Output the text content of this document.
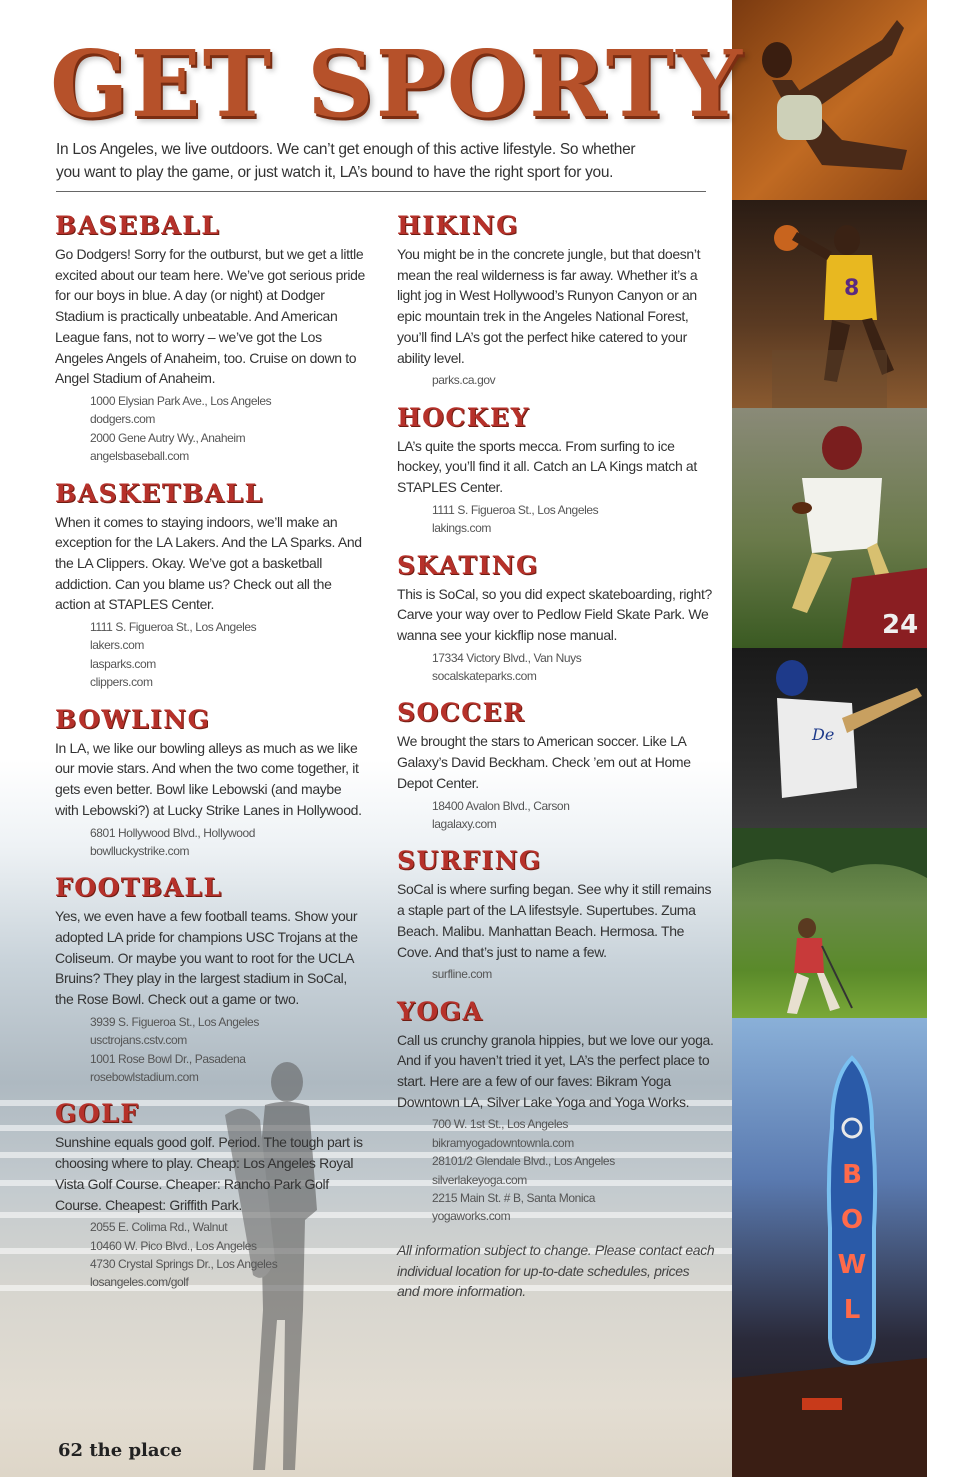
8
24
De
B
O
W
L
GET SPORTY

In Los Angeles, we live outdoors. We can’t get enough of this active lifestyle. So whether you want to play the game, or just watch it, LA’s bound to have the right sport for you.

BASEBALL

Go Dodgers! Sorry for the outburst, but we get a little excited about our team here. We’ve got serious pride for our boys in blue. A day (or night) at Dodger Stadium is practically unbeatable. And American League fans, not to worry – we’ve got the Los Angeles Angels of Anaheim, too. Cruise on down to Angel Stadium of Anaheim.

1000 Elysian Park Ave., Los Angeles
dodgers.com
2000 Gene Autry Wy., Anaheim
angelsbaseball.com
BASKETBALL

When it comes to staying indoors, we’ll make an exception for the LA Lakers. And the LA Sparks. And the LA Clippers. Okay. We’ve got a basketball addiction. Can you blame us? Check out all the action at STAPLES Center.

1111 S. Figueroa St., Los Angeles
lakers.com
lasparks.com
clippers.com
BOWLING

In LA, we like our bowling alleys as much as we like our movie stars. And when the two come together, it gets even better. Bowl like Lebowski (and maybe with Lebowski?) at Lucky Strike Lanes in Hollywood.

6801 Hollywood Blvd., Hollywood
bowlluckystrike.com
FOOTBALL

Yes, we even have a few football teams. Show your adopted LA pride for champions USC Trojans at the Coliseum. Or maybe you want to root for the UCLA Bruins? They play in the largest stadium in SoCal, the Rose Bowl. Check out a game or two.

3939 S. Figueroa St., Los Angeles
usctrojans.cstv.com
1001 Rose Bowl Dr., Pasadena
rosebowlstadium.com
GOLF

Sunshine equals good golf. Period. The tough part is choosing where to play. Cheap: Los Angeles Royal Vista Golf Course. Cheaper: Rancho Park Golf Course. Cheapest: Griffith Park.

2055 E. Colima Rd., Walnut
10460 W. Pico Blvd., Los Angeles
4730 Crystal Springs Dr., Los Angeles
losangeles.com/golf
HIKING

You might be in the concrete jungle, but that doesn’t mean the real wilderness is far away. Whether it’s a light jog in West Hollywood’s Runyon Canyon or an epic mountain trek in the Angeles National Forest, you’ll find LA’s got the perfect hike catered to your ability level.

parks.ca.gov
HOCKEY

LA’s quite the sports mecca. From surfing to ice hockey, you’ll find it all. Catch an LA Kings match at STAPLES Center.

1111 S. Figueroa St., Los Angeles
lakings.com
SKATING

This is SoCal, so you did expect skateboarding, right? Carve your way over to Pedlow Field Skate Park. We wanna see your kickflip nose manual.

17334 Victory Blvd., Van Nuys
socalskateparks.com
SOCCER

We brought the stars to American soccer. Like LA Galaxy’s David Beckham. Check ’em out at Home Depot Center.

18400 Avalon Blvd., Carson
lagalaxy.com
SURFING

SoCal is where surfing began. See why it still remains a staple part of the LA lifestsyle. Supertubes. Zuma Beach. Malibu. Manhattan Beach. Hermosa. The Cove. And that’s just to name a few.

surfline.com
YOGA

Call us crunchy granola hippies, but we love our yoga. And if you haven’t tried it yet, LA’s the perfect place to start. Here are a few of our faves: Bikram Yoga Downtown LA, Silver Lake Yoga and Yoga Works.

700 W. 1st St., Los Angeles
bikramyogadowntownla.com
28101/2 Glendale Blvd., Los Angeles
silverlakeyoga.com
2215 Main St. # B, Santa Monica
yogaworks.com

All information subject to change. Please contact each individual location for up-to-date schedules, prices and more information.

62 the place
